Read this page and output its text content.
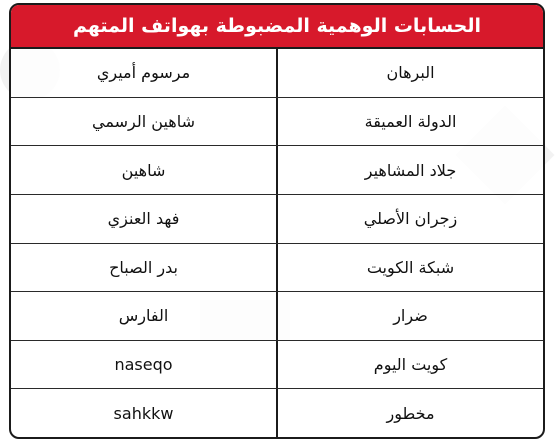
الحسابات الوهمية المضبوطة بهواتف المتهم
مرسوم أميري	البرهان
شاهين الرسمي	الدولة العميقة
شاهين	جلاد المشاهير
فهد العنزي	زجران الأصلي
بدر الصباح	شبكة الكويت
الفارس	ضرار
naseqo	كويت اليوم
sahkkw	مخطور
